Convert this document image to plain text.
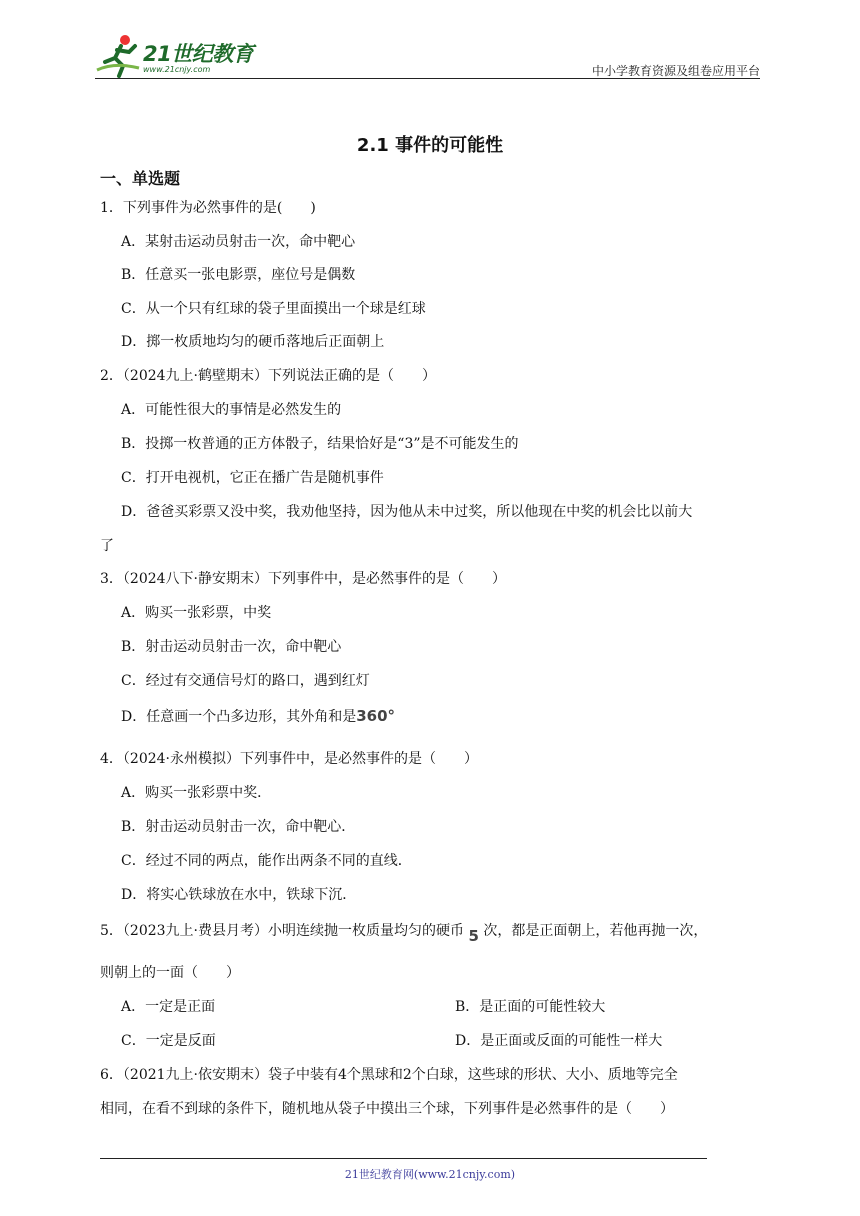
21世纪教育
www.21cnjy.com	中小学教育资源及组卷应用平台
2.1 事件的可能性
一、单选题
1．下列事件为必然事件的是(　　)
A．某射击运动员射击一次，命中靶心
B．任意买一张电影票，座位号是偶数
C．从一个只有红球的袋子里面摸出一个球是红球
D．掷一枚质地均匀的硬币落地后正面朝上
2．（2024九上·鹤壁期末）下列说法正确的是（　　）
A．可能性很大的事情是必然发生的
B．投掷一枚普通的正方体骰子，结果恰好是“3”是不可能发生的
C．打开电视机，它正在播广告是随机事件
D．爸爸买彩票又没中奖，我劝他坚持，因为他从未中过奖，所以他现在中奖的机会比以前大
了
3．（2024八下·静安期末）下列事件中，是必然事件的是（　　）
A．购买一张彩票，中奖
B．射击运动员射击一次，命中靶心
C．经过有交通信号灯的路口，遇到红灯
D．任意画一个凸多边形，其外角和是360°
4．（2024·永州模拟）下列事件中，是必然事件的是（　　）
A．购买一张彩票中奖．
B．射击运动员射击一次，命中靶心．
C．经过不同的两点，能作出两条不同的直线．
D．将实心铁球放在水中，铁球下沉．
5．（2023九上·费县月考）小明连续抛一枚质量均匀的硬币 5 次，都是正面朝上，若他再抛一次，
则朝上的一面（　　）
A．一定是正面	B．是正面的可能性较大
C．一定是反面	D．是正面或反面的可能性一样大
6．（2021九上·依安期末）袋子中装有4个黑球和2个白球，这些球的形状、大小、质地等完全
相同，在看不到球的条件下，随机地从袋子中摸出三个球，下列事件是必然事件的是（　　）
21世纪教育网(www.21cnjy.com)
